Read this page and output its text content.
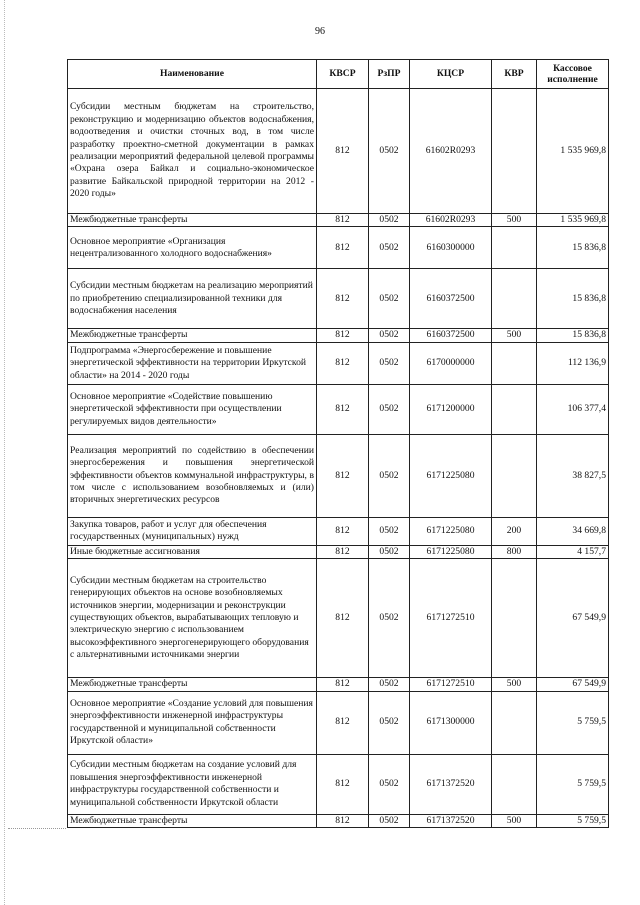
96
Наименование	КВСР	РзПР	КЦСР	КВР	Кассовое исполнение
Субсидии местным бюджетам на строительство, реконструкцию и модернизацию объектов водоснабжения, водоотведения и очистки сточных вод, в том числе разработку проектно-сметной документации в рамках реализации мероприятий федеральной целевой программы «Охрана озера Байкал и социально-экономическое развитие Байкальской природной территории на 2012 - 2020 годы»	812	0502	61602R0293		1 535 969,8
Межбюджетные трансферты	812	0502	61602R0293	500	1 535 969,8
Основное мероприятие «Организация нецентрализованного холодного водоснабжения»	812	0502	6160300000		15 836,8
Субсидии местным бюджетам на реализацию мероприятий по приобретению специализированной техники для водоснабжения населения	812	0502	6160372500		15 836,8
Межбюджетные трансферты	812	0502	6160372500	500	15 836,8
Подпрограмма «Энергосбережение и повышение энергетической эффективности на территории Иркутской области» на 2014 - 2020 годы	812	0502	6170000000		112 136,9
Основное мероприятие «Содействие повышению энергетической эффективности при осуществлении регулируемых видов деятельности»	812	0502	6171200000		106 377,4
Реализация мероприятий по содействию в обеспечении энергосбережения и повышения энергетической эффективности объектов коммунальной инфраструктуры, в том числе с использованием возобновляемых и (или) вторичных энергетических ресурсов	812	0502	6171225080		38 827,5
Закупка товаров, работ и услуг для обеспечения государственных (муниципальных) нужд	812	0502	6171225080	200	34 669,8
Иные бюджетные ассигнования	812	0502	6171225080	800	4 157,7
Субсидии местным бюджетам на строительство генерирующих объектов на основе возобновляемых источников энергии, модернизации и реконструкции существующих объектов, вырабатывающих тепловую и электрическую энергию с использованием высокоэффективного энергогенерирующего оборудования с альтернативными источниками энергии	812	0502	6171272510		67 549,9
Межбюджетные трансферты	812	0502	6171272510	500	67 549,9
Основное мероприятие «Создание условий для повышения энергоэффективности инженерной инфраструктуры государственной и муниципальной собственности Иркутской области»	812	0502	6171300000		5 759,5
Субсидии местным бюджетам на создание условий для повышения энергоэффективности инженерной инфраструктуры государственной собственности и муниципальной собственности Иркутской области	812	0502	6171372520		5 759,5
Межбюджетные трансферты	812	0502	6171372520	500	5 759,5
